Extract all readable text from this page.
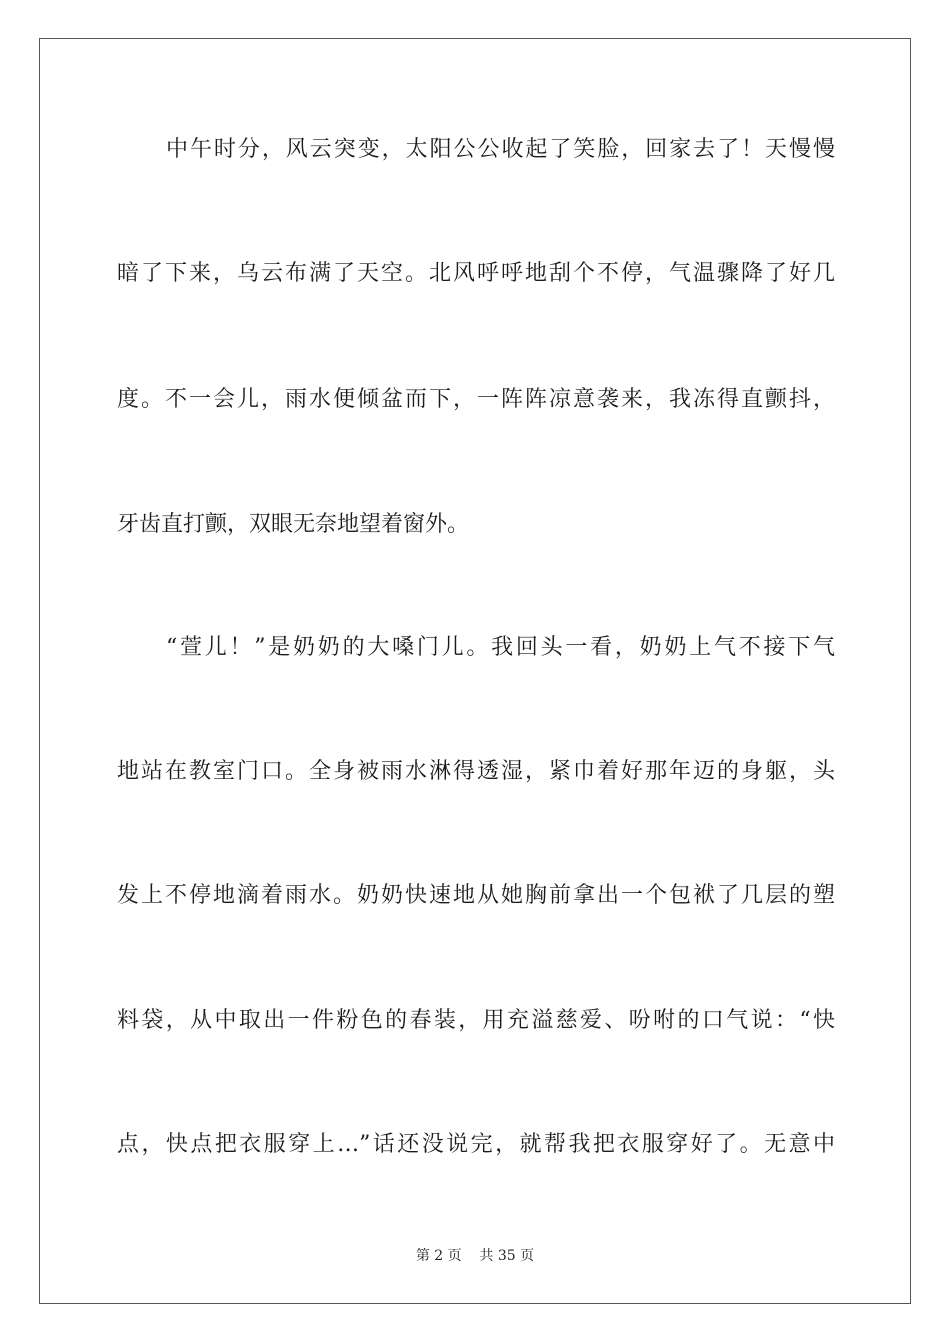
中午时分，风云突变，太阳公公收起了笑脸，回家去了！天慢慢
暗了下来，乌云布满了天空。北风呼呼地刮个不停，气温骤降了好几
度。不一会儿，雨水便倾盆而下，一阵阵凉意袭来，我冻得直颤抖，
牙齿直打颤，双眼无奈地望着窗外。
“萱儿！”是奶奶的大嗓门儿。我回头一看，奶奶上气不接下气
地站在教室门口。全身被雨水淋得透湿，紧巾着好那年迈的身躯，头
发上不停地滴着雨水。奶奶快速地从她胸前拿出一个包袱了几层的塑
料袋，从中取出一件粉色的春装，用充溢慈爱、吩咐的口气说：“快
点，快点把衣服穿上…”话还没说完，就帮我把衣服穿好了。无意中
第 2 页 共 35 页
